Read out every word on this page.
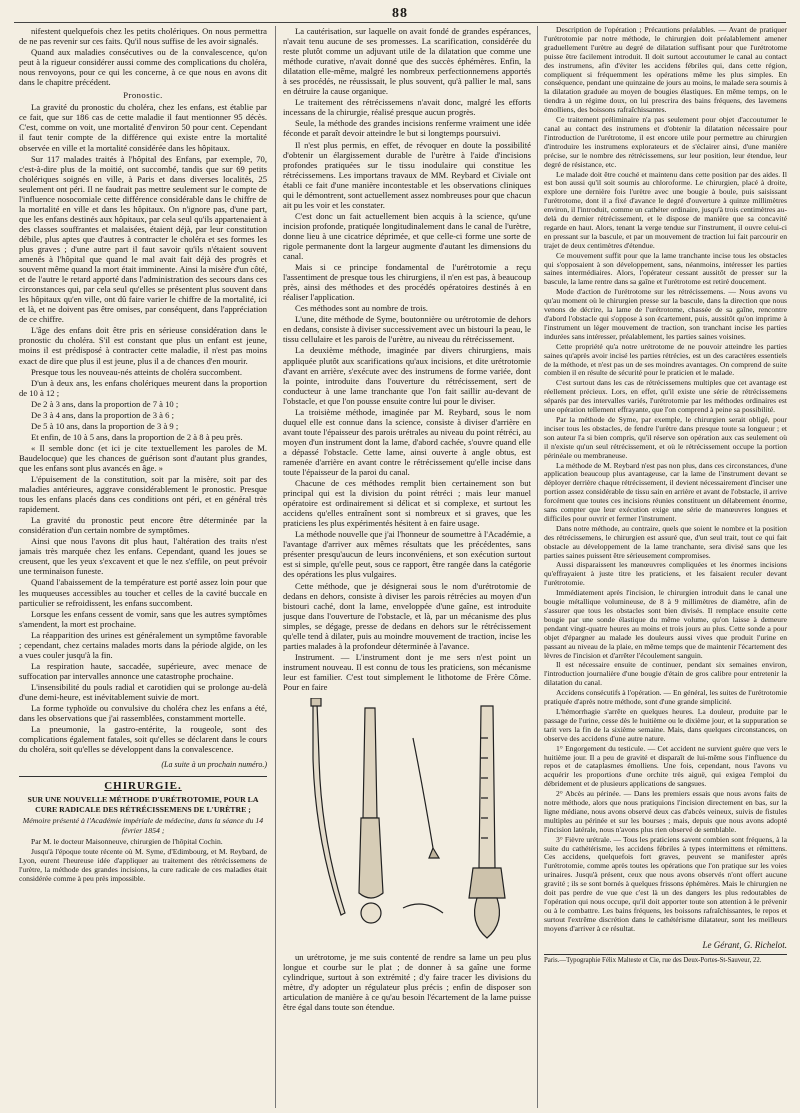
88

nifestent quelquefois chez les petits cholériques. On nous permettra de ne pas revenir sur ces faits. Qu'il nous suffise de les avoir signalés.

Quand aux maladies consécutives ou de la convalescence, qu'on peut à la rigueur considérer aussi comme des complications du choléra, nous renvoyons, pour ce qui les concerne, à ce que nous en avons dit dans le chapitre précédent.

Pronostic.

La gravité du pronostic du choléra, chez les enfans, est établie par ce fait, que sur 186 cas de cette maladie il faut mentionner 95 décès. C'est, comme on voit, une mortalité d'environ 50 pour cent. Cependant il faut tenir compte de la différence qui existe entre la mortalité observée en ville et la mortalité considérée dans les hôpitaux.

Sur 117 malades traités à l'hôpital des Enfans, par exemple, 70, c'est-à-dire plus de la moitié, ont succombé, tandis que sur 69 petits cholériques soignés en ville, à Paris et dans diverses localités, 25 seulement ont péri. Il ne faudrait pas mettre seulement sur le compte de l'influence nosocomiale cette différence considérable dans le chiffre de la mortalité en ville et dans les hôpitaux. On n'ignore pas, d'une part, que les enfans destinés aux hôpitaux, par cela seul qu'ils appartenaient à des classes souffrantes et malaisées, étaient déjà, par leur constitution débile, plus aptes que d'autres à contracter le choléra et ses formes les plus graves ; d'une autre part il faut savoir qu'ils n'étaient souvent amenés à l'hôpital que quand le mal avait fait déjà des progrès et souvent même quand la mort était imminente. Ainsi la misère d'un côté, et de l'autre le retard apporté dans l'administration des secours dans ces circonstances qui, par cela seul qu'elles se présentent plus souvent dans les hôpitaux qu'en ville, ont dû faire varier le chiffre de la mortalité, ici et là, et ne doivent pas être omises, par conséquent, dans l'appréciation de ce chiffre.

L'âge des enfans doit être pris en sérieuse considération dans le pronostic du choléra. S'il est constant que plus un enfant est jeune, moins il est prédisposé à contracter cette maladie, il n'est pas moins exact de dire que plus il est jeune, plus il a de chances d'en mourir.

Presque tous les nouveau-nés atteints de choléra succombent.

D'un à deux ans, les enfans cholériques meurent dans la proportion de 10 à 12 ;

De 2 à 3 ans, dans la proportion de 7 à 10 ;

De 3 à 4 ans, dans la proportion de 3 à 6 ;

De 5 à 10 ans, dans la proportion de 3 à 9 ;

Et enfin, de 10 à 5 ans, dans la proportion de 2 à 8 à peu près.

« Il semble donc (et ici je cite textuellement les paroles de M. Baudelocque) que les chances de guérison sont d'autant plus grandes, que les enfans sont plus avancés en âge. »

L'épuisement de la constitution, soit par la misère, soit par des maladies antérieures, aggrave considérablement le pronostic. Presque tous les enfans placés dans ces conditions ont péri, et en général très rapidement.

La gravité du pronostic peut encore être déterminée par la considération d'un certain nombre de symptômes.

Ainsi que nous l'avons dit plus haut, l'altération des traits n'est jamais très marquée chez les enfans. Cependant, quand les joues se creusent, que les yeux s'excavent et que le nez s'effile, on peut prévoir une terminaison funeste.

Quand l'abaissement de la température est porté assez loin pour que les muqueuses accessibles au toucher et celles de la cavité buccale en particulier se refroidissent, les enfans succombent.

Lorsque les enfans cessent de vomir, sans que les autres symptômes s'amendent, la mort est prochaine.

La réapparition des urines est généralement un symptôme favorable ; cependant, chez certains malades morts dans la période algide, on les a vues couler jusqu'à la fin.

La respiration haute, saccadée, supérieure, avec menace de suffocation par intervalles annonce une catastrophe prochaine.

L'insensibilité du pouls radial et carotidien qui se prolonge au-delà d'une demi-heure, est inévitablement suivie de mort.

La forme typhoïde ou convulsive du choléra chez les enfans a été, dans les observations que j'ai rassemblées, constamment mortelle.

La pneumonie, la gastro-entérite, la rougeole, sont des complications également fatales, soit qu'elles se déclarent dans le cours du choléra, soit qu'elles se développent dans la convalescence.

(La suite à un prochain numéro.)
CHIRURGIE.
SUR UNE NOUVELLE MÉTHODE D'URÉTROTOMIE, POUR LA CURE RADICALE DES RÉTRÉCISSEMENS DE L'URÈTRE ;
Mémoire présenté à l'Académie impériale de médecine, dans la séance du 14 février 1854 ;

Par M. le docteur Maisonneuve, chirurgien de l'hôpital Cochin.

Jusqu'à l'époque toute récente où M. Syme, d'Edimbourg, et M. Reybard, de Lyon, eurent l'heureuse idée d'appliquer au traitement des rétrécissemens de l'urètre, la méthode des grandes incisions, la cure radicale de ces maladies était considérée comme à peu près impossible.

La cautérisation, sur laquelle on avait fondé de grandes espérances, n'avait tenu aucune de ses promesses. La scarification, considérée du reste plutôt comme un adjuvant utile de la dilatation que comme une méthode curative, n'avait donné que des succès éphémères. Enfin, la dilatation elle-même, malgré les nombreux perfectionnemens apportés à ses procédés, ne réussissait, le plus souvent, qu'à pallier le mal, sans en détruire la cause organique.

Le traitement des rétrécissemens n'avait donc, malgré les efforts incessans de la chirurgie, réalisé presque aucun progrès.

Seule, la méthode des grandes incisions renferme vraiment une idée féconde et paraît devoir atteindre le but si longtemps poursuivi.

Il n'est plus permis, en effet, de révoquer en doute la possibilité d'obtenir un élargissement durable de l'urètre à l'aide d'incisions profondes pratiquées sur le tissu inodulaire qui constitue les rétrécissemens. Les importans travaux de MM. Reybard et Civiale ont établi ce fait d'une manière incontestable et les observations cliniques qui le démontrent, sont actuellement assez nombreuses pour que chacun ait pu les voir et les constater.

C'est donc un fait actuellement bien acquis à la science, qu'une incision profonde, pratiquée longitudinalement dans le canal de l'urètre, donne lieu à une cicatrice déprimée, et que celle-ci forme une sorte de rigole permanente dont la largeur augmente d'autant les dimensions du canal.

Mais si ce principe fondamental de l'urétrotomie a reçu l'assentiment de presque tous les chirurgiens, il n'en est pas, à beaucoup près, ainsi des méthodes et des procédés opératoires destinés à en réaliser l'application.

Ces méthodes sont au nombre de trois.

L'une, dite méthode de Syme, boutonnière ou urétrotomie de dehors en dedans, consiste à diviser successivement avec un bistouri la peau, le tissu cellulaire et les parois de l'urètre, au niveau du rétrécissement.

La deuxième méthode, imaginée par divers chirurgiens, mais appliquée plutôt aux scarifications qu'aux incisions, et dite urétrotomie d'avant en arrière, s'exécute avec des instrumens de forme variée, dont la pointe, introduite dans l'ouverture du rétrécissement, sert de conducteur à une lame tranchante que l'on fait saillir au-devant de l'obstacle, et que l'on pousse ensuite contre lui pour le diviser.

La troisième méthode, imaginée par M. Reybard, sous le nom duquel elle est connue dans la science, consiste à diviser d'arrière en avant toute l'épaisseur des parois urétrales au niveau du point rétréci, au moyen d'un instrument dont la lame, d'abord cachée, s'ouvre quand elle a dépassé l'obstacle. Cette lame, ainsi ouverte à angle obtus, est ramenée d'arrière en avant contre le rétrécissement qu'elle incise dans toute l'épaisseur de la paroi du canal.

Chacune de ces méthodes remplit bien certainement son but principal qui est la division du point rétréci ; mais leur manuel opératoire est ordinairement si délicat et si complexe, et surtout les accidens qu'elles entraînent sont si nombreux et si graves, que les praticiens les plus expérimentés hésitent à en faire usage.

La méthode nouvelle que j'ai l'honneur de soumettre à l'Académie, a l'avantage d'arriver aux mêmes résultats que les précédentes, sans présenter presqu'aucun de leurs inconvéniens, et son exécution surtout est si simple, qu'elle peut, sous ce rapport, être rangée dans la catégorie des opérations les plus vulgaires.

Cette méthode, que je désignerai sous le nom d'urétrotomie de dedans en dehors, consiste à diviser les parois rétrécies au moyen d'un bistouri caché, dont la lame, enveloppée d'une gaîne, est introduite jusque dans l'ouverture de l'obstacle, et là, par un mécanisme des plus simples, se dégage, presse de dedans en dehors sur le rétrécissement qu'elle tend à dilater, puis au moindre mouvement de traction, incise les parties malades à la profondeur déterminée à l'avance.

Instrument. — L'instrument dont je me sers n'est point un instrument nouveau. Il est connu de tous les praticiens, son mécanisme leur est familier. C'est tout simplement le lithotome de Frère Côme. Pour en faire

un urétrotome, je me suis contenté de rendre sa lame un peu plus longue et courbe sur le plat ; de donner à sa gaîne une forme cylindrique, surtout à son extrémité ; d'y faire tracer les divisions du mètre, d'y adopter un régulateur plus précis ; enfin de disposer son articulation de manière à ce qu'au besoin l'écartement de la lame puisse être égal dans toute son étendue.

Description de l'opération ; Précautions préalables. — Avant de pratiquer l'urétrotomie par notre méthode, le chirurgien doit préalablement amener graduellement l'urètre au degré de dilatation suffisant pour que l'urétrotome puisse être facilement introduit. Il doit surtout accoutumer le canal au contact des instrumens, afin d'éviter les accidens fébriles qui, dans cette région, compliquent si fréquemment les opérations même les plus simples. En conséquence, pendant une quinzaine de jours au moins, le malade sera soumis à la dilatation graduée au moyen de bougies élastiques. En même temps, on le tiendra à un régime doux, on lui prescrira des bains fréquens, des lavemens émolliens, des boissons rafraîchissantes.

Ce traitement préliminaire n'a pas seulement pour objet d'accoutumer le canal au contact des instrumens et d'obtenir la dilatation nécessaire pour l'introduction de l'urétrotome, il est encore utile pour permettre au chirurgien d'introduire les instrumens explorateurs et de s'éclairer ainsi, d'une manière précise, sur le nombre des rétrécissemens, sur leur position, leur étendue, leur degré de résistance, etc.

Le malade doit être couché et maintenu dans cette position par des aides. Il est bon aussi qu'il soit soumis au chloroforme. Le chirurgien, placé à droite, explore une dernière fois l'urètre avec une bougie à boule, puis saisissant l'urétrotome, dont il a fixé d'avance le degré d'ouverture à quinze millimètres environ, il l'introduit, comme un cathéter ordinaire, jusqu'à trois centimètres au-delà du dernier rétrécissement, et le dispose de manière que sa concavité regarde en haut. Alors, tenant la verge tendue sur l'instrument, il ouvre celui-ci en pressant sur la bascule, et par un mouvement de traction lui fait parcourir en trajet de deux centimètres d'étendue.

Ce mouvement suffit pour que la lame tranchante incise tous les obstacles qui s'opposaient à son développement, sans, néanmoins, intéresser les parties saines intermédiaires. Alors, l'opérateur cessant aussitôt de presser sur la bascule, la lame rentre dans sa gaîne et l'urétrotome est retiré doucement.

Mode d'action de l'urétrotome sur les rétrécissemens. — Nous avons vu qu'au moment où le chirurgien presse sur la bascule, dans la direction que nous venons de décrire, la lame de l'urétrotome, chassée de sa gaîne, rencontre d'abord l'obstacle qui s'oppose à son écartement, puis, aussitôt qu'on imprime à l'instrument un léger mouvement de traction, son tranchant incise les parties indurées sans intéresser, préalablement, les parties saines voisines.

Cette propriété qu'a notre urétrotome de ne pouvoir atteindre les parties saines qu'après avoir incisé les parties rétrécies, est un des caractères essentiels de la méthode, et n'est pas un de ses moindres avantages. On comprend de suite combien il en résulte de sécurité pour le praticien et le malade.

C'est surtout dans les cas de rétrécissemens multiples que cet avantage est réellement précieux. Lors, en effet, qu'il existe une série de rétrécissemens séparés par des intervalles variés, l'urétrotomie par les méthodes ordinaires est une opération tellement effrayante, que l'on comprend à peine sa possibilité.

Par la méthode de Syme, par exemple, le chirurgien serait obligé, pour inciser tous les obstacles, de fendre l'urètre dans presque toute sa longueur ; et son auteur l'a si bien compris, qu'il réserve son opération aux cas seulement où il n'existe qu'un seul rétrécissement, et où le rétrécissement occupe la portion périnéale ou membraneuse.

La méthode de M. Reybard n'est pas non plus, dans ces circonstances, d'une application beaucoup plus avantageuse, car la lame de l'instrument devant se déployer derrière chaque rétrécissement, il devient nécessairement d'inciser une portion assez considérable de tissu sain en arrière et avant de l'obstacle, il arrive forcément que toutes ces incisions réunies constituent un délabrement énorme, sans compter que leur exécution exige une série de manœuvres longues et difficiles pour ouvrir et fermer l'instrument.

Dans notre méthode, au contraire, quels que soient le nombre et la position des rétrécissemens, le chirurgien est assuré que, d'un seul trait, tout ce qui fait obstacle au développement de la lame tranchante, sera divisé sans que les parties saines puissent être sérieusement compromises.

Aussi disparaissent les manœuvres compliquées et les énormes incisions qu'effrayaient à juste titre les praticiens, et les faisaient reculer devant l'urétrotomie.

Immédiatement après l'incision, le chirurgien introduit dans le canal une bougie métallique volumineuse, de 8 à 9 millimètres de diamètre, afin de s'assurer que tous les obstacles sont bien divisés. Il remplace ensuite cette bougie par une sonde élastique du même volume, qu'on laisse à demeure pendant vingt-quatre heures au moins et trois jours au plus. Cette sonde a pour objet d'épargner au malade les douleurs aussi vives que produit l'urine en passant au niveau de la plaie, en même temps que de maintenir l'écartement des lèvres de l'incision et d'arrêter l'écoulement sanguin.

Il est nécessaire ensuite de continuer, pendant six semaines environ, l'introduction journalière d'une bougie d'étain de gros calibre pour entretenir la dilatation du canal.

Accidens consécutifs à l'opération. — En général, les suites de l'urétrotomie pratiquée d'après notre méthode, sont d'une grande simplicité.

L'hémorrhagie s'arrête en quelques heures. La douleur, produite par le passage de l'urine, cesse dès le huitième ou le dixième jour, et la suppuration se tarit vers la fin de la sixième semaine. Mais, dans quelques circonstances, on observe des accidens d'une autre nature.

1° Engorgement du testicule. — Cet accident ne survient guère que vers le huitième jour. Il a peu de gravité et disparaît de lui-même sous l'influence du repos et de cataplasmes émolliens. Une fois, cependant, nous l'avons vu acquérir les proportions d'une orchite très aiguë, qui exigea l'emploi du débridement et de plusieurs applications de sangsues.

2° Abcès au périnée. — Dans les premiers essais que nous avons faits de notre méthode, alors que nous pratiquions l'incision directement en bas, sur la ligne médiane, nous avons observé deux cas d'abcès veineux, suivis de fistules multiples au périnée et sur les bourses ; mais, depuis que nous avons adopté l'incision latérale, nous n'avons plus rien observé de semblable.

3° Fièvre urétrale. — Tous les praticiens savent combien sont fréquens, à la suite du cathétérisme, les accidens fébriles à types intermittens et rémittens. Ces accidens, quelquefois fort graves, peuvent se manifester après l'urétrotomie, comme après toutes les opérations que l'on pratique sur les voies urinaires. Jusqu'à présent, ceux que nous avons observés n'ont offert aucune gravité ; ils se sont bornés à quelques frissons éphémères. Mais le chirurgien ne doit pas perdre de vue que c'est là un des dangers les plus redoutables de l'opération qui nous occupe, qu'il doit apporter toute son attention à le prévenir ou à le combattre. Les bains fréquens, les boissons rafraîchissantes, le repos et surtout l'extrême discrétion dans le cathétérisme dilatateur, sont les meilleurs moyens d'arriver à ce résultat.

Le Gérant, G. Richelot.
Paris.—Typographie Félix Malteste et Cie, rue des Deux-Portes-St-Sauveur, 22.
